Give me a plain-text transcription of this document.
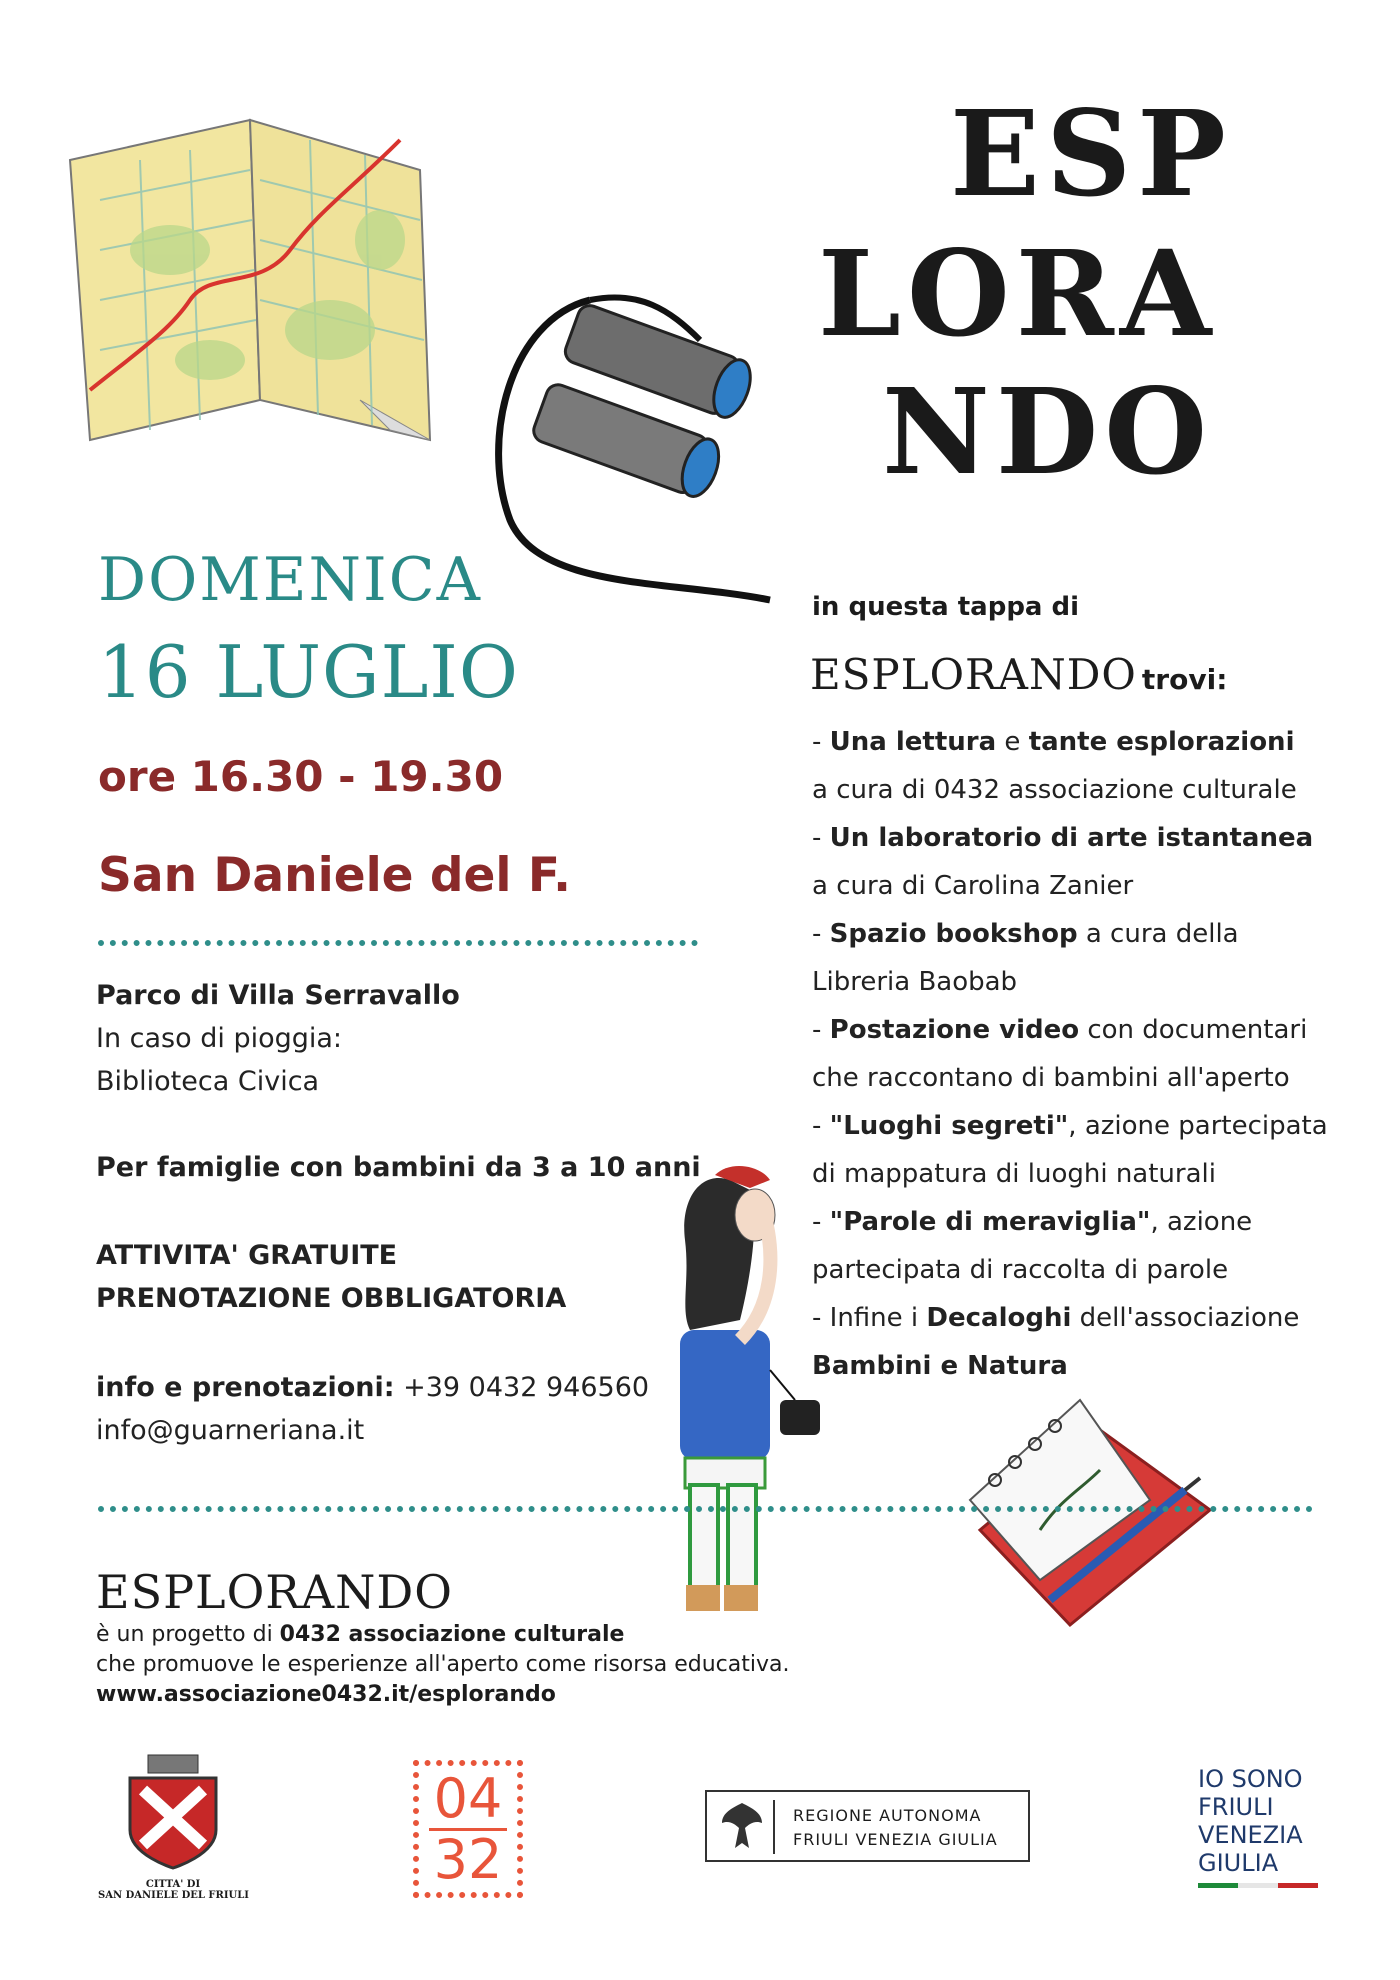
ESP
LORA
NDO
DOMENICA
16 LUGLIO
ore 16.30 - 19.30
San Daniele del F.
Parco di Villa Serravallo
In caso di pioggia:
Biblioteca Civica
Per famiglie con bambini da 3 a 10 anni
ATTIVITA' GRATUITE
PRENOTAZIONE OBBLIGATORIA
info e prenotazioni: +39 0432 946560
info@guarneriana.it
in questa tappa di
ESPLORANDO trovi:
- Una lettura e tante esplorazioni
a cura di 0432 associazione culturale
- Un laboratorio di arte istantanea
a cura di Carolina Zanier
- Spazio bookshop a cura della
Libreria Baobab
- Postazione video con documentari
che raccontano di bambini all'aperto
- "Luoghi segreti", azione partecipata
di mappatura di luoghi naturali
- "Parole di meraviglia", azione
partecipata di raccolta di parole
- Infine i Decaloghi dell'associazione
Bambini e Natura
ESPLORANDO
è un progetto di 0432 associazione culturale
che promuove le esperienze all'aperto come risorsa educativa.
www.associazione0432.it/esplorando
CITTA' DI
SAN DANIELE DEL FRIULI
04
32
REGIONE AUTONOMA
FRIULI VENEZIA GIULIA
IO SONO
FRIULI
VENEZIA
GIULIA
